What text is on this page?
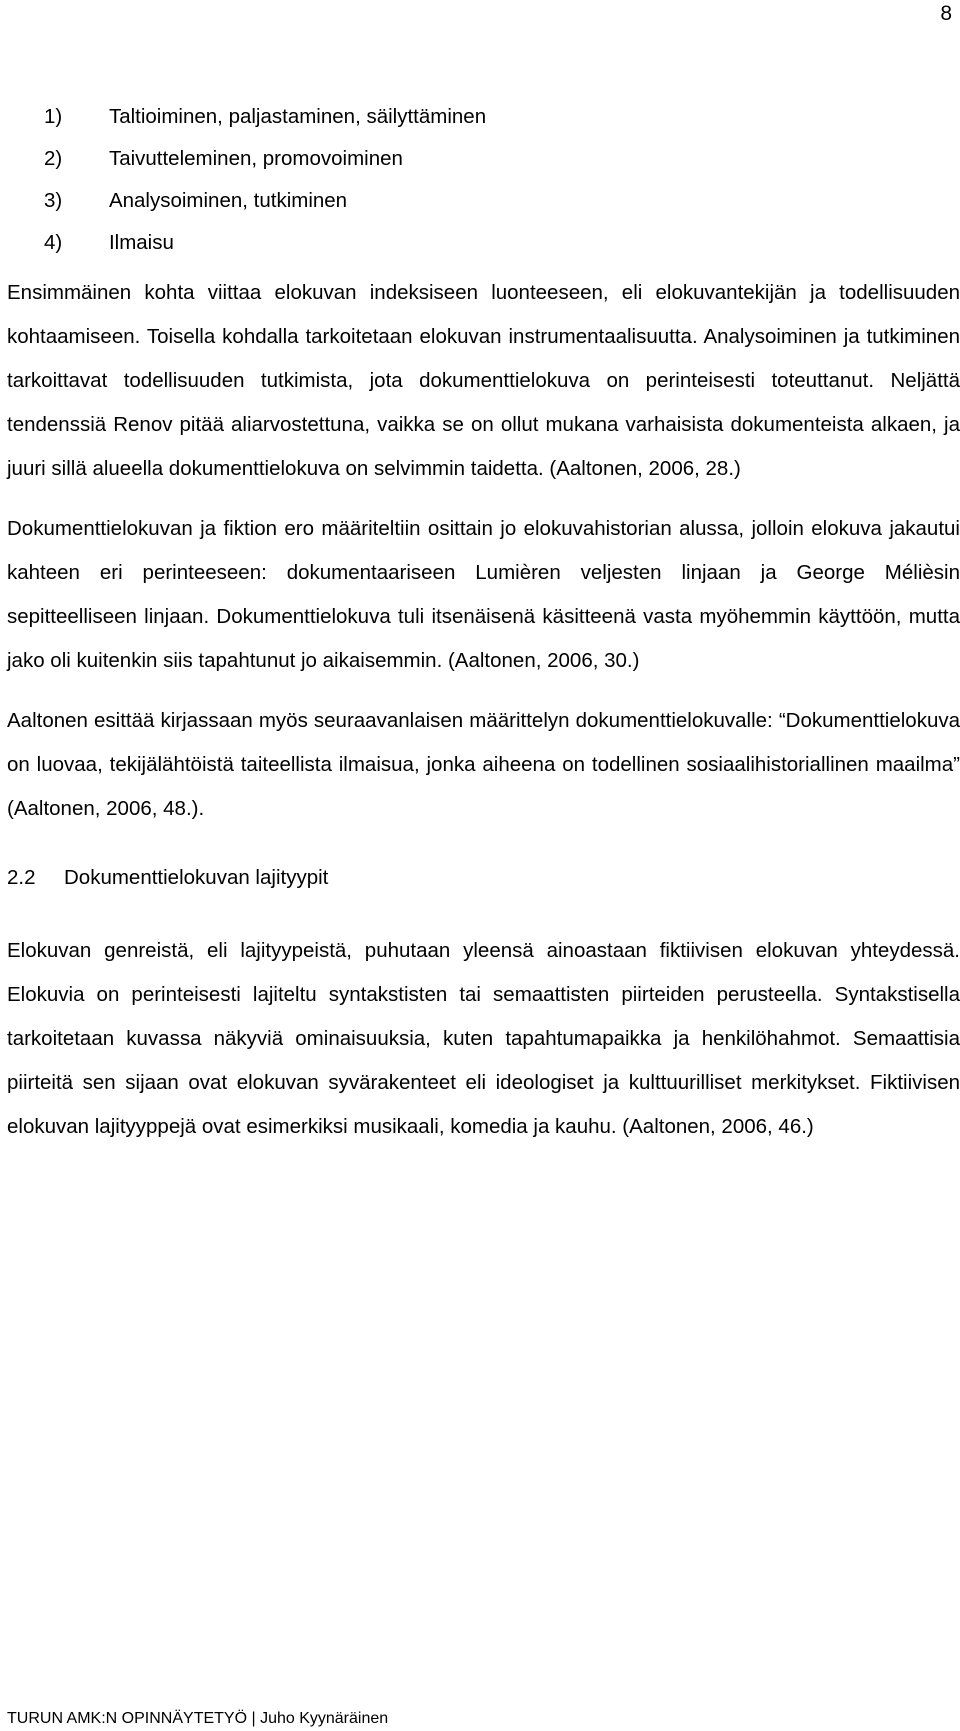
8
1) Taltioiminen, paljastaminen, säilyttäminen
2) Taivutteleminen, promovoiminen
3) Analysoiminen, tutkiminen
4) Ilmaisu

Ensimmäinen kohta viittaa elokuvan indeksiseen luonteeseen, eli elokuvantekijän ja todellisuuden kohtaamiseen. Toisella kohdalla tarkoitetaan elokuvan instrumentaalisuutta. Analysoiminen ja tutkiminen tarkoittavat todellisuuden tutkimista, jota dokumenttielokuva on perinteisesti toteuttanut. Neljättä tendenssiä Renov pitää aliarvostettuna, vaikka se on ollut mukana varhaisista dokumenteista alkaen, ja juuri sillä alueella dokumenttielokuva on selvimmin taidetta. (Aaltonen, 2006, 28.)

Dokumenttielokuvan ja fiktion ero määriteltiin osittain jo elokuvahistorian alussa, jolloin elokuva jakautui kahteen eri perinteeseen: dokumentaariseen Lumièren veljesten linjaan ja George Mélièsin sepitteelliseen linjaan. Dokumenttielokuva tuli itsenäisenä käsitteenä vasta myöhemmin käyttöön, mutta jako oli kuitenkin siis tapahtunut jo aikaisemmin. (Aaltonen, 2006, 30.)

Aaltonen esittää kirjassaan myös seuraavanlaisen määrittelyn dokumenttielokuvalle: “Dokumenttielokuva on luovaa, tekijälähtöistä taiteellista ilmaisua, jonka aiheena on todellinen sosiaalihistoriallinen maailma” (Aaltonen, 2006, 48.).

2.2 Dokumenttielokuvan lajityypit

Elokuvan genreistä, eli lajityypeistä, puhutaan yleensä ainoastaan fiktiivisen elokuvan yhteydessä. Elokuvia on perinteisesti lajiteltu syntakstisten tai semaattisten piirteiden perusteella. Syntakstisella tarkoitetaan kuvassa näkyviä ominaisuuksia, kuten tapahtumapaikka ja henkilöhahmot. Semaattisia piirteitä sen sijaan ovat elokuvan syvärakenteet eli ideologiset ja kulttuurilliset merkitykset. Fiktiivisen elokuvan lajityyppejä ovat esimerkiksi musikaali, komedia ja kauhu. (Aaltonen, 2006, 46.)

TURUN AMK:N OPINNÄYTETYÖ | Juho Kyynäräinen
